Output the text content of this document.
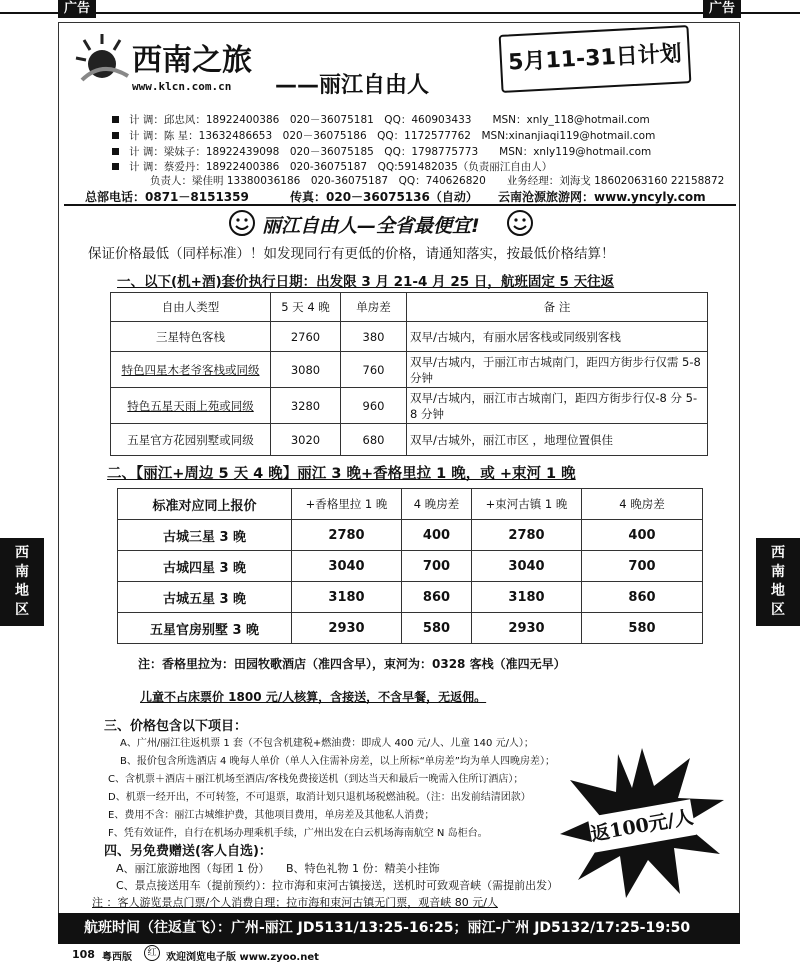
广告	广告
西南地区
西南地区
西南之旅
www.klcn.com.cn ——丽江自由人
5月11-31日计划
计 调：邱忠风：18922400386　020－36075181　QQ：460903433　　MSN：xnly_118@hotmail.com
计 调：陈 星：13632486653　020－36075186　QQ：1172577762　MSN:xinanjiaqi119@hotmail.com
计 调：梁妹子：18922439098　020－36075185　QQ：1798775773　　MSN：xnly119@hotmail.com
计 调：蔡爱丹：18922400386　020-36075187　QQ:591482035（负责丽江自由人）
负责人：梁佳明 13380036186　020-36075187　QQ：740626820　　业务经理：刘海戈 18602063160 22158872
总部电话：0871－8151359	传真：020－36075136（自动） 云南沧源旅游网：www.yncyly.com
丽江自由人—全省最便宜!
保证价格最低（同样标准）！如发现同行有更低的价格，请通知落实，按最低价格结算！
一、以下(机+酒)套价执行日期：出发限 3 月 21-4 月 25 日，航班固定 5 天往返
自由人类型	5 天 4 晚	单房差	备 注
三星特色客栈	2760	380	双早/古城内，有丽水居客栈或同级别客栈
特色四星木老爷客栈或同级	3080	760	双早/古城内，于丽江市古城南门，距四方街步行仅需 5-8 分钟
特色五星天雨上苑或同级	3280	960	双早/古城内，丽江市古城南门，距四方街步行仅-8 分 5-8 分钟
五星官方花园别墅或同级	3020	680	双早/古城外，丽江市区 ，地理位置俱佳
二、【丽江+周边 5 天 4 晚】丽江 3 晚+香格里拉 1 晚，或 +束河 1 晚
标准对应同上报价	+香格里拉 1 晚	4 晚房差	+束河古镇 1 晚	4 晚房差
古城三星 3 晚	2780	400	2780	400
古城四星 3 晚	3040	700	3040	700
古城五星 3 晚	3180	860	3180	860
五星官房别墅 3 晚	2930	580	2930	580
注：香格里拉为：田园牧歌酒店（准四含早），束河为：0328 客栈（准四无早）
儿童不占床票价 1800 元/人核算，含接送，不含早餐，无返佣。
三、价格包含以下项目：
A、广州/丽江往返机票 1 套（不包含机建税+燃油费：即成人 400 元/人、儿童 140 元/人）；
B、报价包含所选酒店 4 晚每人单价（单人入住需补房差，以上所标“单房差”均为单人四晚房差）；
C、含机票＋酒店＋丽江机场至酒店/客栈免费接送机（到达当天和最后一晚需入住所订酒店）；
D、机票一经开出，不可转签，不可退票，取消计划只退机场税燃油税。（注：出发前结清团款）
E、费用不含：丽江古城维护费，其他项目费用，单房差及其他私人消费；
F、凭有效证件，自行在机场办理乘机手续，广州出发在白云机场海南航空 N 岛柜台。	返100元/人
四、另免费赠送(客人自选)：
A、丽江旅游地图（每团 1 份）　　B、特色礼物 1 份：精美小挂饰
C、景点接送用车（提前预约）：拉市海和束河古镇接送，送机时可致观音峡（需提前出发）
注 ：客人游览景点门票/个人消费自理；拉市海和束河古镇无门票，观音峡 80 元/人
航班时间（往返直飞）：广州-丽江 JD5131/13:25-16:25；丽江-广州 JD5132/17:25-19:50
108 粤西版	红 欢迎浏览电子版 www.zyoo.net
